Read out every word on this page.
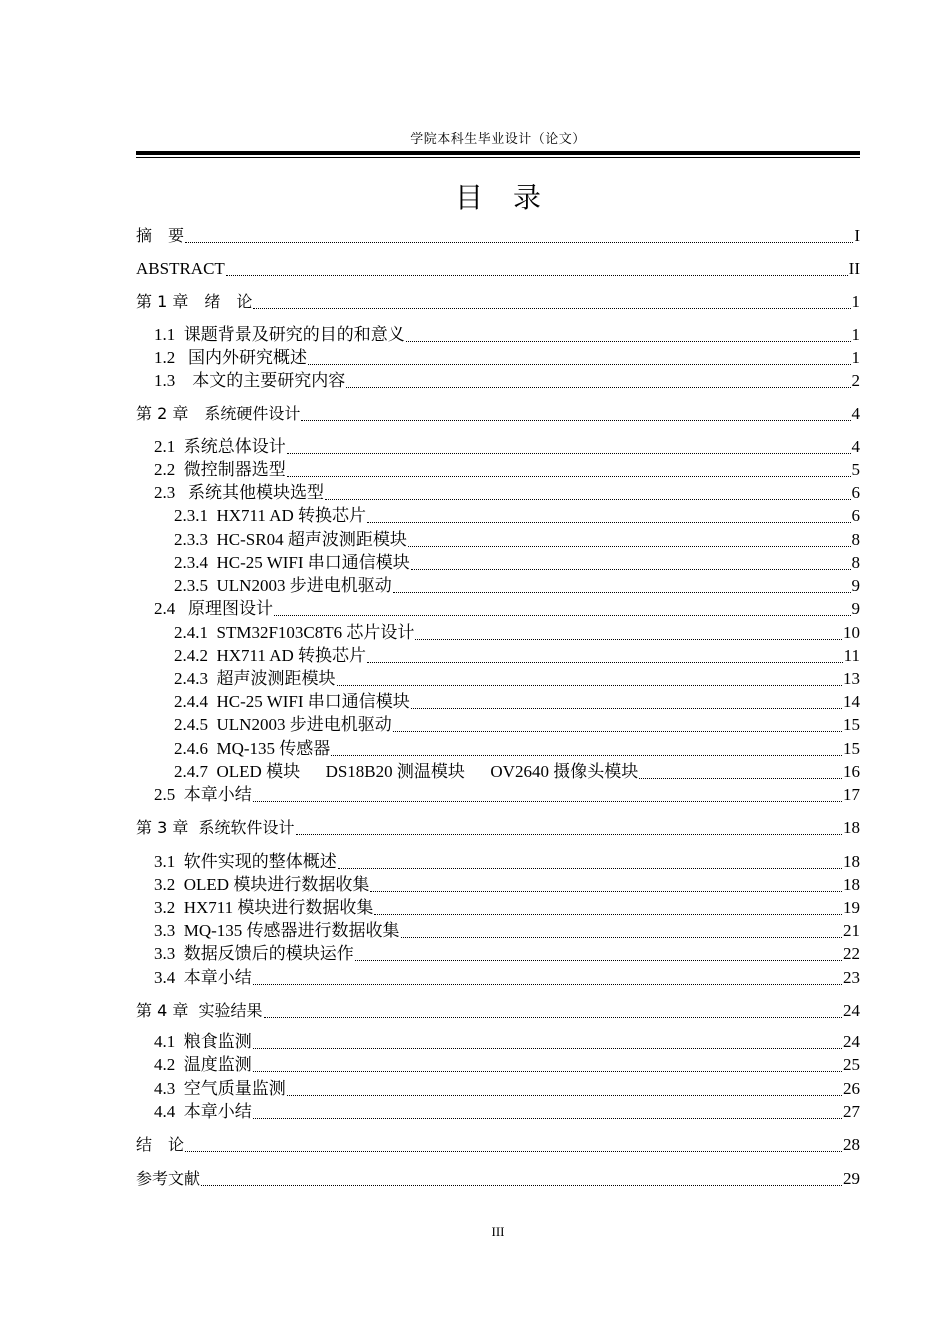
学院本科生毕业设计（论文）
目录
摘　要	I
ABSTRACT	II
第 1 章　绪　论	1
1.1  课题背景及研究的目的和意义	1
1.2   国内外研究概述	1
1.3    本文的主要研究内容	2
第 2 章　系统硬件设计	4
2.1  系统总体设计	4
2.2  微控制器选型	5
2.3   系统其他模块选型	6
2.3.1  HX711 AD 转换芯片	6
2.3.3  HC-SR04 超声波测距模块	8
2.3.4  HC-25 WIFI 串口通信模块	8
2.3.5  ULN2003 步进电机驱动	9
2.4   原理图设计	9
2.4.1  STM32F103C8T6 芯片设计	10
2.4.2  HX711 AD 转换芯片	11
2.4.3  超声波测距模块	13
2.4.4  HC-25 WIFI 串口通信模块	14
2.4.5  ULN2003 步进电机驱动	15
2.4.6  MQ-135 传感器	15
2.4.7  OLED 模块      DS18B20 测温模块      OV2640 摄像头模块	16
2.5  本章小结	17
第 3 章  系统软件设计	18
3.1  软件实现的整体概述	18
3.2  OLED 模块进行数据收集	18
3.2  HX711 模块进行数据收集	19
3.3  MQ-135 传感器进行数据收集	21
3.3  数据反馈后的模块运作	22
3.4  本章小结	23
第 4 章  实验结果	24
4.1  粮食监测	24
4.2  温度监测	25
4.3  空气质量监测	26
4.4  本章小结	27
结　论	28
参考文献	29
III
